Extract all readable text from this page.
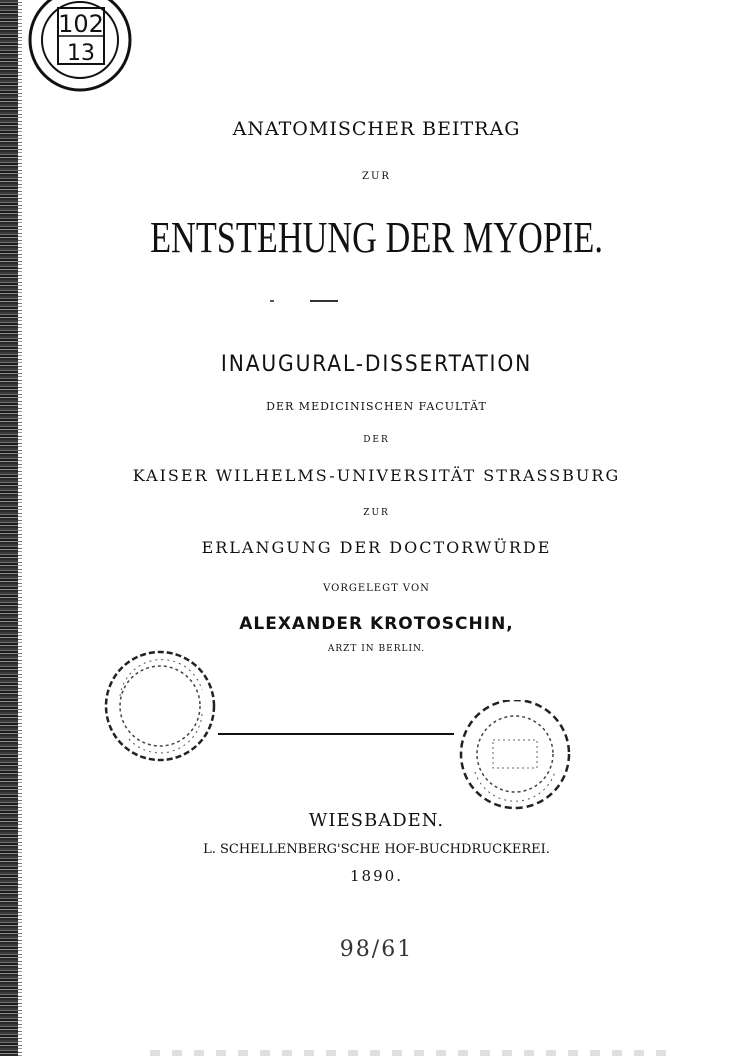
102
13

ANATOMISCHER BEITRAG

ZUR

ENTSTEHUNG DER MYOPIE.

INAUGURAL-DISSERTATION

DER MEDICINISCHEN FACULTÄT

DER

KAISER WILHELMS-UNIVERSITÄT STRASSBURG

ZUR

ERLANGUNG DER DOCTORWÜRDE

VORGELEGT VON

ALEXANDER KROTOSCHIN,

ARZT IN BERLIN.

WIESBADEN.

L. SCHELLENBERG'SCHE HOF-BUCHDRUCKEREI.

1890.

98/61
